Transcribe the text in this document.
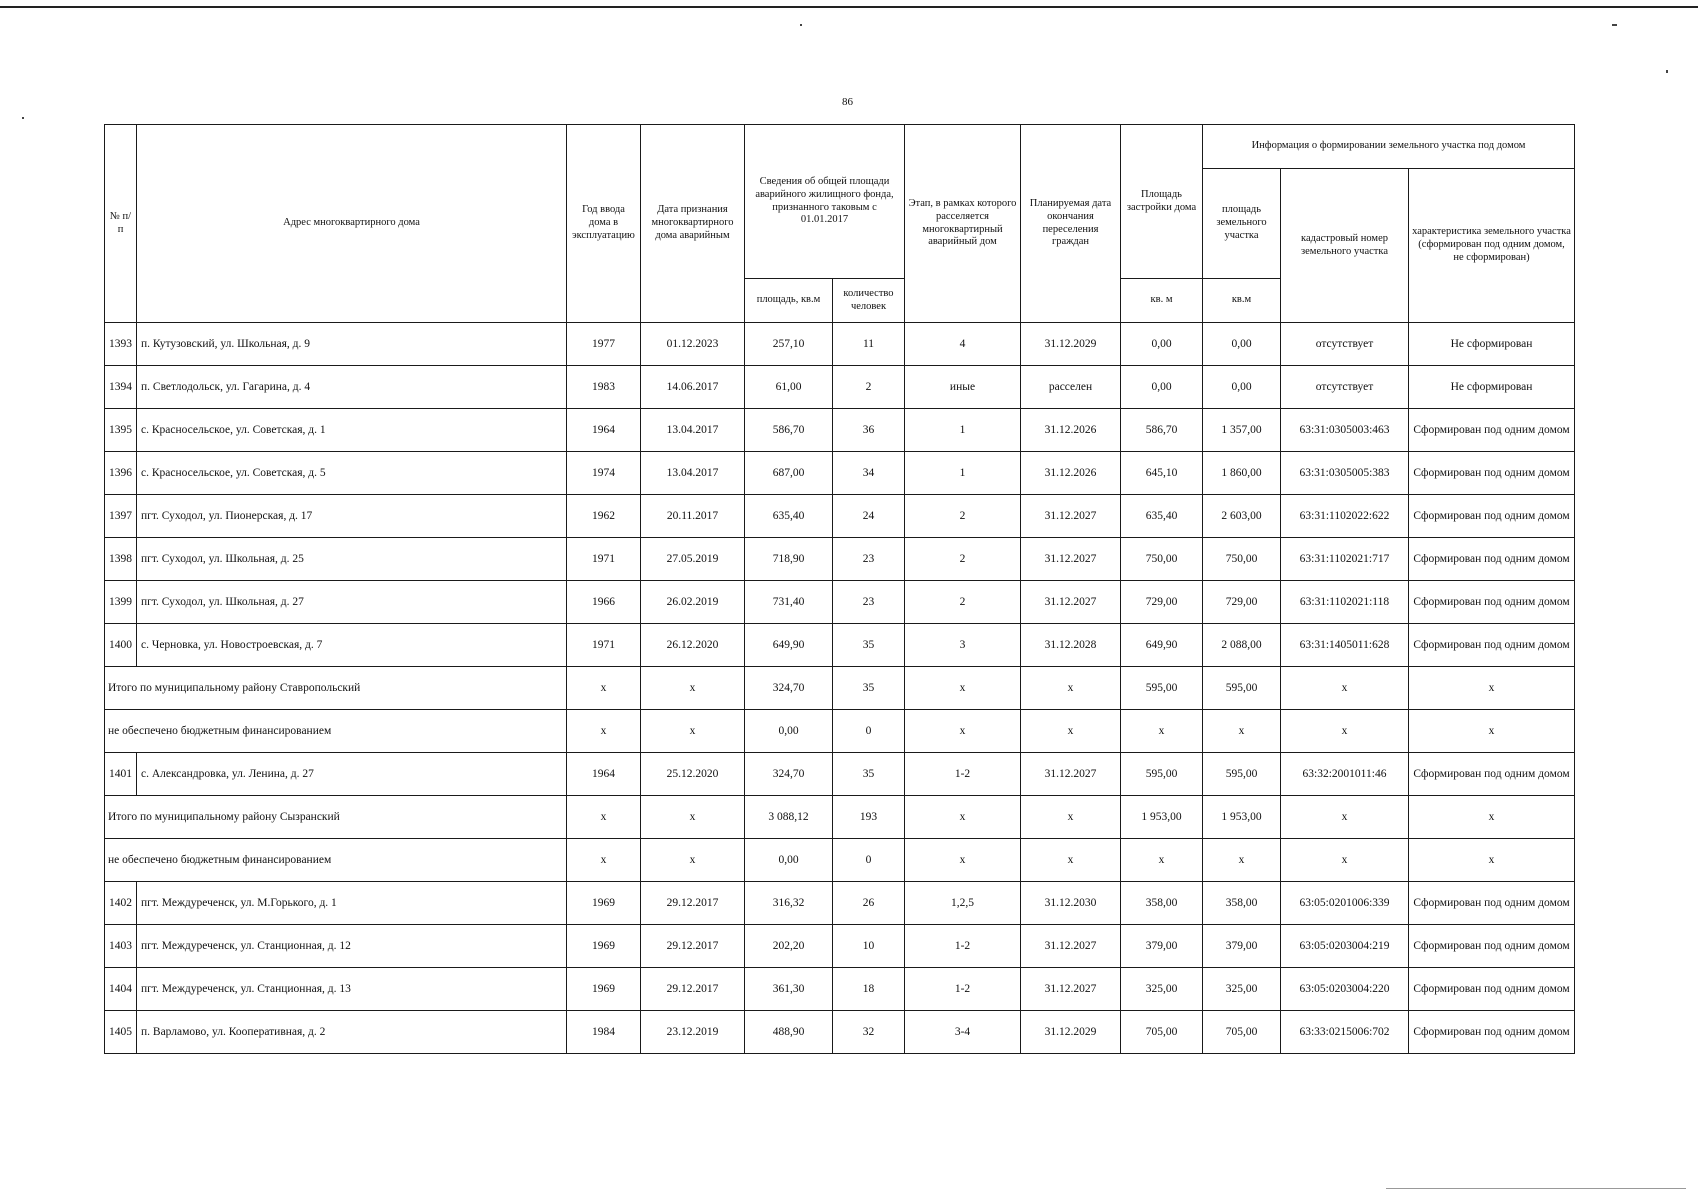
86
№ п/п	Адрес многоквартирного дома	Год ввода дома в эксплуатацию	Дата признания многоквартирного дома аварийным	Сведения об общей площади аварийного жилищного фонда, признанного таковым с 01.01.2017		Этап, в рамках которого расселяется многоквартирный аварийный дом	Планируемая дата окончания переселения граждан	Площадь застройки дома	Информация о формировании земельного участка под домом		
									площадь земельного участка	кадастровый номер земельного участка	характеристика земельного участка (сформирован под одним домом, не сформирован)
				площадь, кв.м	количество человек			кв. м	кв.м		
1393	п. Кутузовский, ул. Школьная, д. 9	1977	01.12.2023	257,10	11	4	31.12.2029	0,00	0,00	отсутствует	Не сформирован
1394	п. Светлодольск, ул. Гагарина, д. 4	1983	14.06.2017	61,00	2	иные	расселен	0,00	0,00	отсутствует	Не сформирован
1395	с. Красносельское, ул. Советская, д. 1	1964	13.04.2017	586,70	36	1	31.12.2026	586,70	1 357,00	63:31:0305003:463	Сформирован под одним домом
1396	с. Красносельское, ул. Советская, д. 5	1974	13.04.2017	687,00	34	1	31.12.2026	645,10	1 860,00	63:31:0305005:383	Сформирован под одним домом
1397	пгт. Суходол, ул. Пионерская, д. 17	1962	20.11.2017	635,40	24	2	31.12.2027	635,40	2 603,00	63:31:1102022:622	Сформирован под одним домом
1398	пгт. Суходол, ул. Школьная, д. 25	1971	27.05.2019	718,90	23	2	31.12.2027	750,00	750,00	63:31:1102021:717	Сформирован под одним домом
1399	пгт. Суходол, ул. Школьная, д. 27	1966	26.02.2019	731,40	23	2	31.12.2027	729,00	729,00	63:31:1102021:118	Сформирован под одним домом
1400	с. Черновка, ул. Новостроевская, д. 7	1971	26.12.2020	649,90	35	3	31.12.2028	649,90	2 088,00	63:31:1405011:628	Сформирован под одним домом
Итого по муниципальному району Ставропольский		x	x	324,70	35	x	x	595,00	595,00	x	x
не обеспечено бюджетным финансированием		x	x	0,00	0	x	x	x	x	x	x
1401	с. Александровка, ул. Ленина, д. 27	1964	25.12.2020	324,70	35	1-2	31.12.2027	595,00	595,00	63:32:2001011:46	Сформирован под одним домом
Итого по муниципальному району Сызранский		x	x	3 088,12	193	x	x	1 953,00	1 953,00	x	x
не обеспечено бюджетным финансированием		x	x	0,00	0	x	x	x	x	x	x
1402	пгт. Междуреченск, ул. М.Горького, д. 1	1969	29.12.2017	316,32	26	1,2,5	31.12.2030	358,00	358,00	63:05:0201006:339	Сформирован под одним домом
1403	пгт. Междуреченск, ул. Станционная, д. 12	1969	29.12.2017	202,20	10	1-2	31.12.2027	379,00	379,00	63:05:0203004:219	Сформирован под одним домом
1404	пгт. Междуреченск, ул. Станционная, д. 13	1969	29.12.2017	361,30	18	1-2	31.12.2027	325,00	325,00	63:05:0203004:220	Сформирован под одним домом
1405	п. Варламово, ул. Кооперативная, д. 2	1984	23.12.2019	488,90	32	3-4	31.12.2029	705,00	705,00	63:33:0215006:702	Сформирован под одним домом
